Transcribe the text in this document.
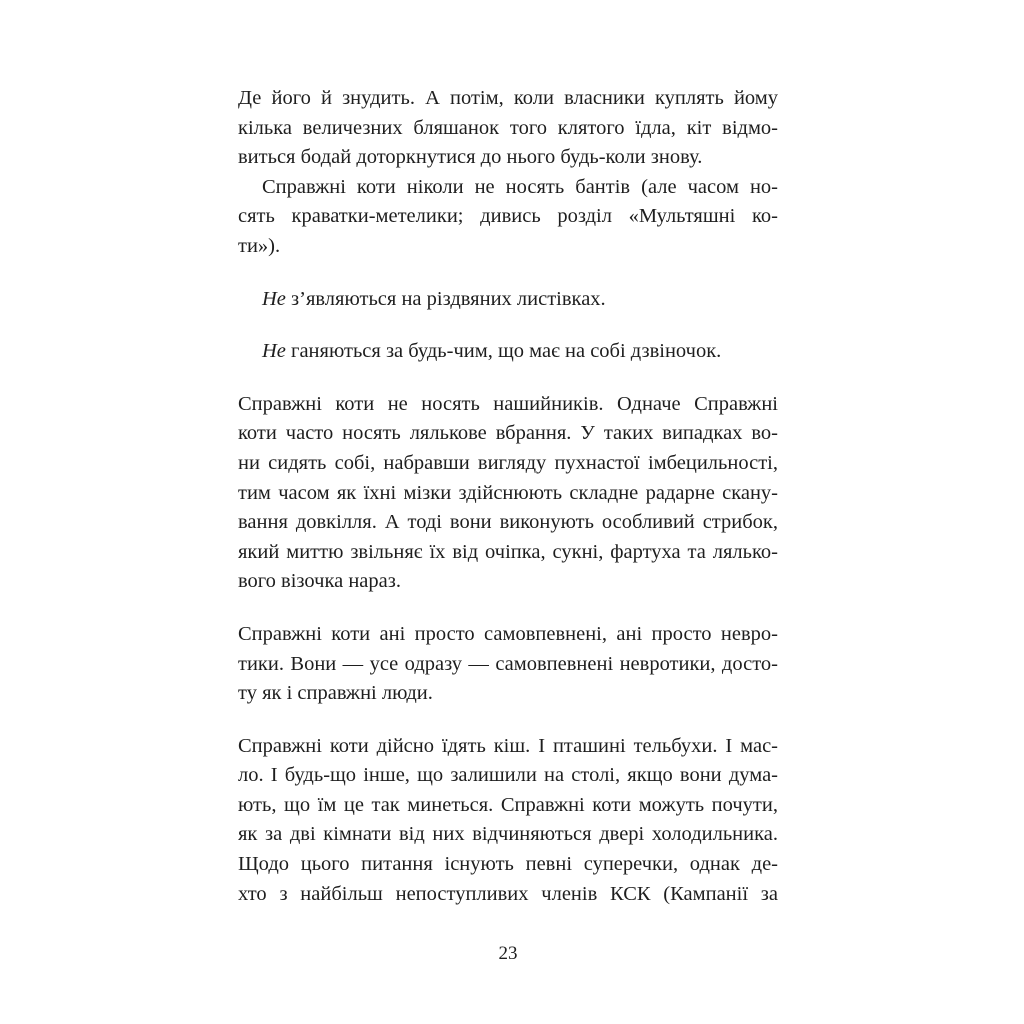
Де його й знудить. А потім, коли власники куплять йому
кілька величезних бляшанок того клятого їдла, кіт відмо-
виться бодай доторкнутися до нього будь-коли знову.
Справжні коти ніколи не носять бантів (але часом но-
сять краватки-метелики; дивись розділ «Мультяшні ко-
ти»).
Не з’являються на різдвяних листівках.
Не ганяються за будь-чим, що має на собі дзвіночок.
Справжні коти не носять нашийників. Одначе Справжні
коти часто носять лялькове вбрання. У таких випадках во-
ни сидять собі, набравши вигляду пухнастої імбецильності,
тим часом як їхні мізки здійснюють складне радарне скану-
вання довкілля. А тоді вони виконують особливий стрибок,
який миттю звільняє їх від очіпка, сукні, фартуха та лялько-
вого візочка нараз.
Справжні коти ані просто самовпевнені, ані просто невро-
тики. Вони — усе одразу — самовпевнені невротики, досто-
ту як і справжні люди.
Справжні коти дійсно їдять кіш. І пташині тельбухи. І мас-
ло. І будь-що інше, що залишили на столі, якщо вони дума-
ють, що їм це так минеться. Справжні коти можуть почути,
як за дві кімнати від них відчиняються двері холодильника.
Щодо цього питання існують певні суперечки, однак де-
хто з найбільш непоступливих членів КСК (Кампанії за
23
